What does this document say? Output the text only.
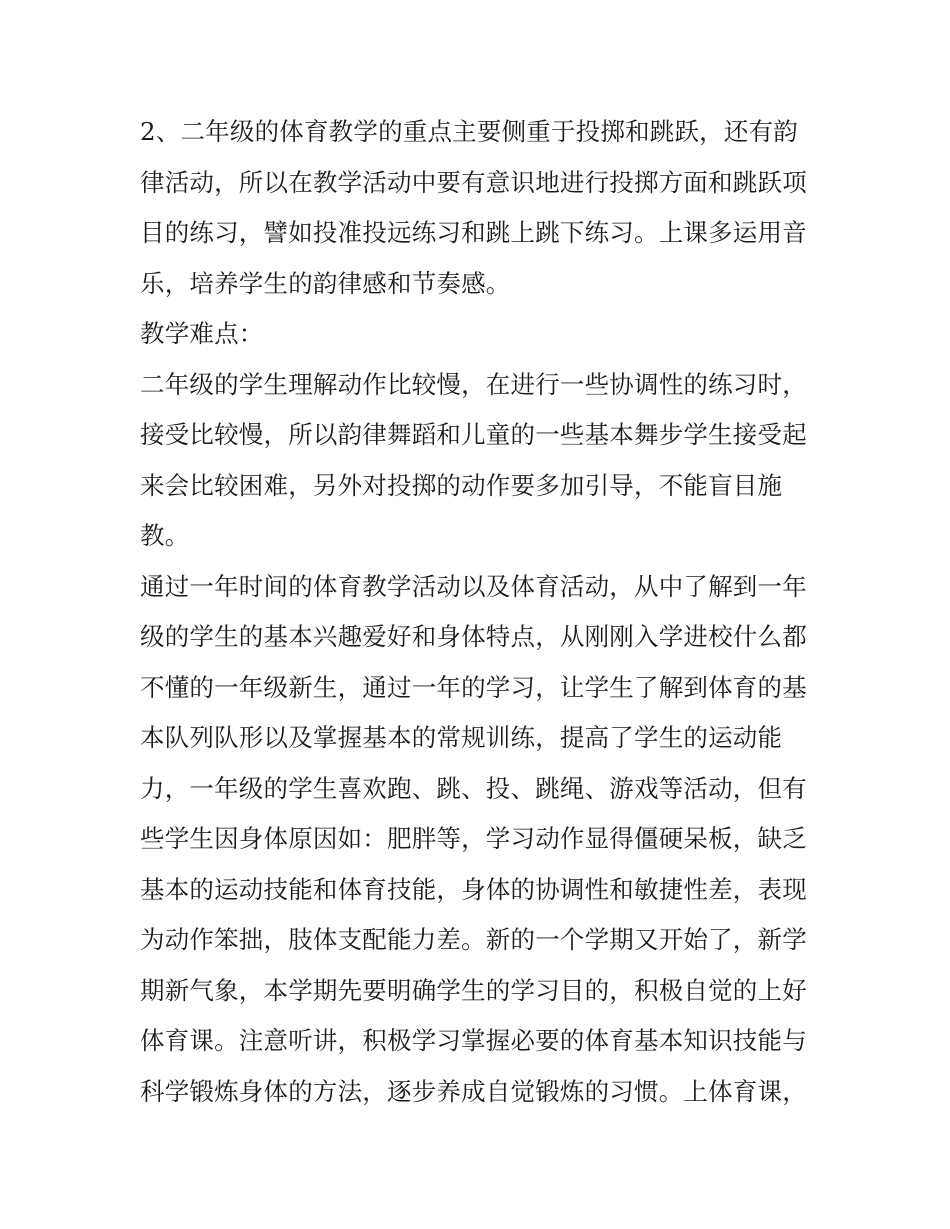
2、二年级的体育教学的重点主要侧重于投掷和跳跃，还有韵
律活动，所以在教学活动中要有意识地进行投掷方面和跳跃项
目的练习，譬如投准投远练习和跳上跳下练习。上课多运用音
乐，培养学生的韵律感和节奏感。

教学难点：

二年级的学生理解动作比较慢，在进行一些协调性的练习时，
接受比较慢，所以韵律舞蹈和儿童的一些基本舞步学生接受起
来会比较困难，另外对投掷的动作要多加引导，不能盲目施
教。

通过一年时间的体育教学活动以及体育活动，从中了解到一年
级的学生的基本兴趣爱好和身体特点，从刚刚入学进校什么都
不懂的一年级新生，通过一年的学习，让学生了解到体育的基
本队列队形以及掌握基本的常规训练，提高了学生的运动能
力，一年级的学生喜欢跑、跳、投、跳绳、游戏等活动，但有
些学生因身体原因如：肥胖等，学习动作显得僵硬呆板，缺乏
基本的运动技能和体育技能，身体的协调性和敏捷性差，表现
为动作笨拙，肢体支配能力差。新的一个学期又开始了，新学
期新气象，本学期先要明确学生的学习目的，积极自觉的上好
体育课。注意听讲，积极学习掌握必要的体育基本知识技能与
科学锻炼身体的方法，逐步养成自觉锻炼的习惯。上体育课，
